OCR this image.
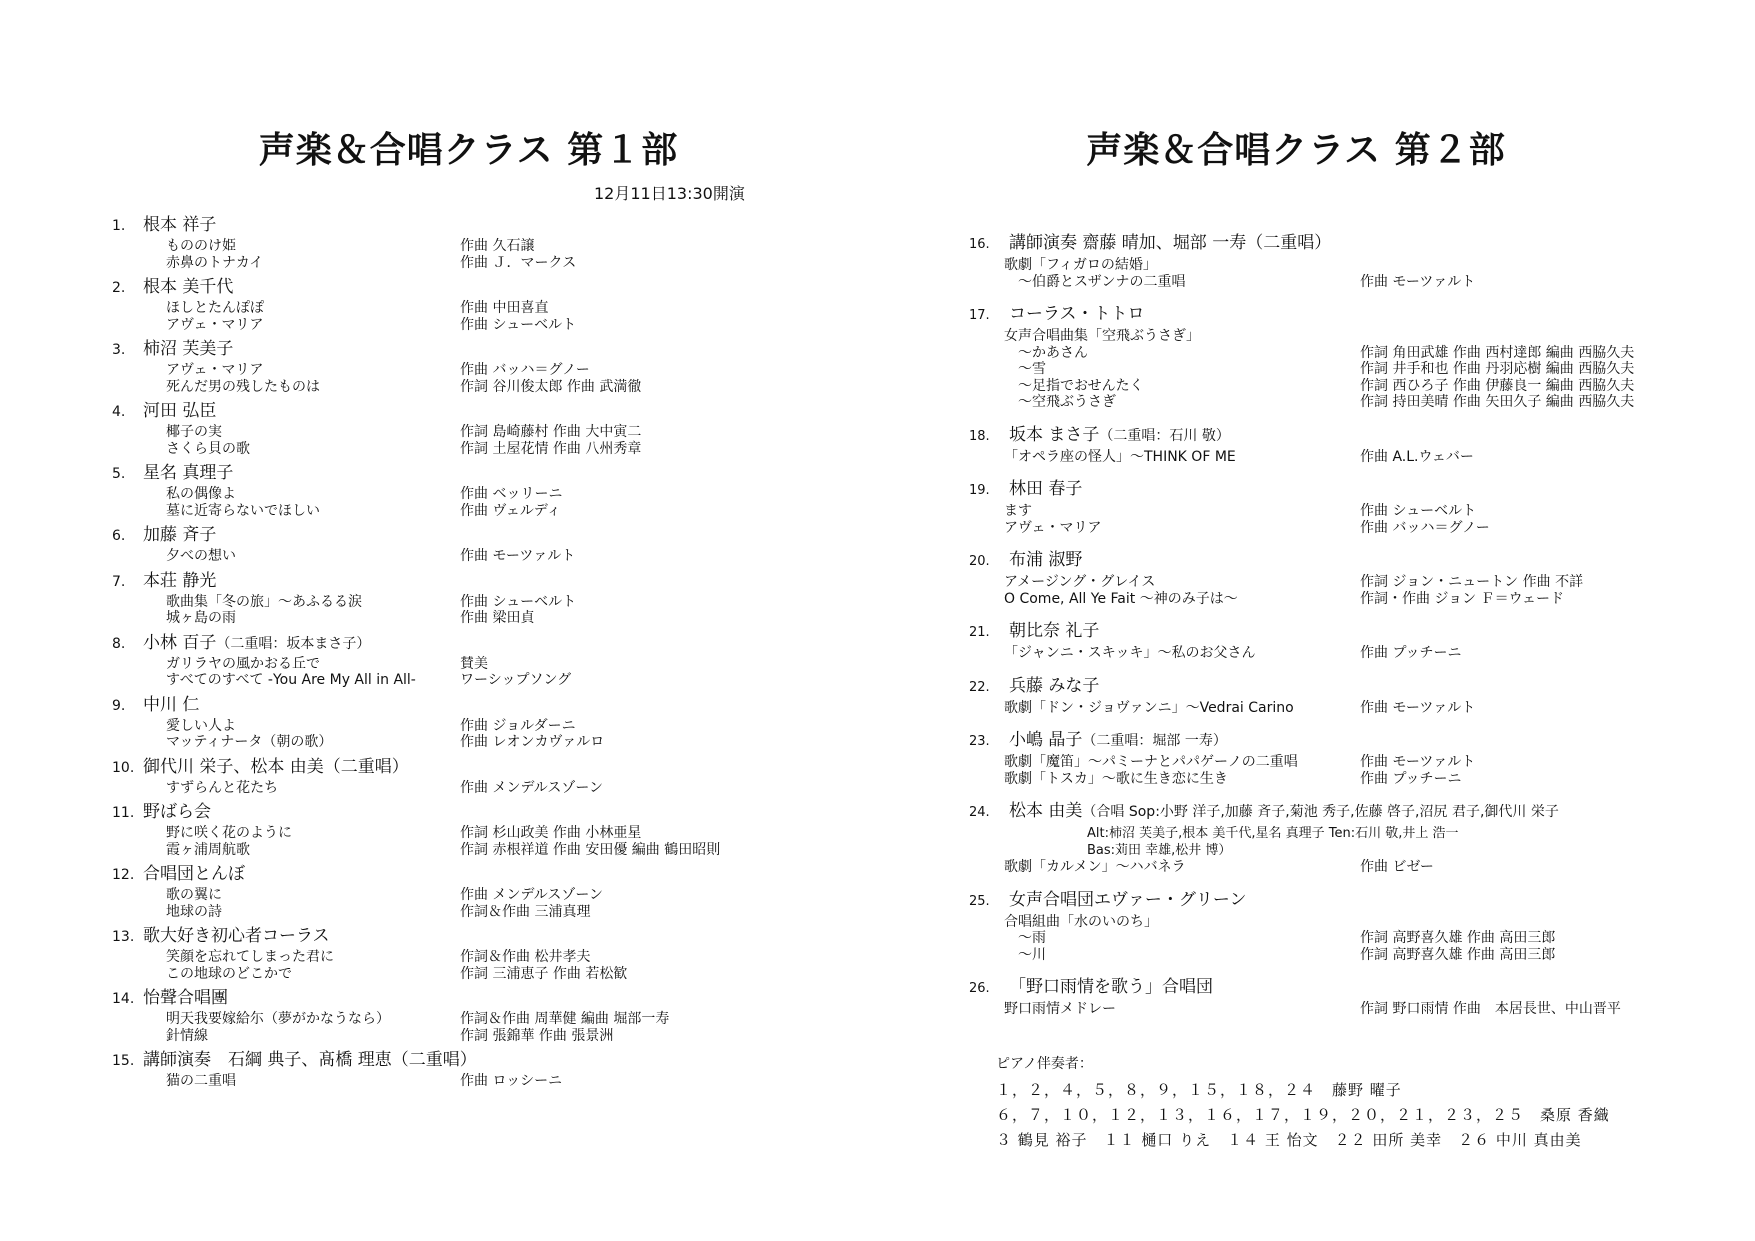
声楽＆合唱クラス 第１部
12月11日13:30開演
1.	根本 祥子
もののけ姫	作曲 久石譲
赤鼻のトナカイ	作曲 Ｊ．マークス
2.	根本 美千代
ほしとたんぽぽ	作曲 中田喜直
アヴェ・マリア	作曲 シューベルト
3.	柿沼 芙美子
アヴェ・マリア	作曲 バッハ＝グノー
死んだ男の残したものは	作詞 谷川俊太郎 作曲 武満徹
4.	河田 弘臣
椰子の実	作詞 島崎藤村 作曲 大中寅二
さくら貝の歌	作詞 土屋花情 作曲 八州秀章
5.	星名 真理子
私の偶像よ	作曲 ベッリーニ
墓に近寄らないでほしい	作曲 ヴェルディ
6.	加藤 斉子
夕べの想い	作曲 モーツァルト
7.	本荘 静光
歌曲集「冬の旅」～あふるる涙	作曲 シューベルト
城ヶ島の雨	作曲 梁田貞
8.	小林 百子 （二重唱：坂本まさ子）
ガリラヤの風かおる丘で	賛美
すべてのすべて -You Are My All in All-	ワーシップソング
9.	中川 仁
愛しい人よ	作曲 ジョルダーニ
マッティナータ（朝の歌）	作曲 レオンカヴァルロ
10. 御代川 栄子、松本 由美（二重唱）
すずらんと花たち	作曲 メンデルスゾーン
11. 野ばら会
野に咲く花のように	作詞 杉山政美 作曲 小林亜星
霞ヶ浦周航歌	作詞 赤根祥道 作曲 安田優 編曲 鶴田昭則
12. 合唱団とんぼ
歌の翼に	作曲 メンデルスゾーン
地球の詩	作詞＆作曲 三浦真理
13. 歌大好き初心者コーラス
笑顔を忘れてしまった君に	作詞＆作曲 松井孝夫
この地球のどこかで	作詞 三浦恵子 作曲 若松歓
14. 怡聲合唱團
明天我要嫁給尓（夢がかなうなら）	作詞＆作曲 周華健 編曲 堀部一寿
針情線	作詞 張錦華 作曲 張景洲
15. 講師演奏　石綱 典子、髙橋 理恵（二重唱）
猫の二重唱	作曲 ロッシーニ
声楽＆合唱クラス 第２部
16.	講師演奏 齋藤 晴加、堀部 一寿（二重唱）
歌劇「フィガロの結婚」
～伯爵とスザンナの二重唱	作曲 モーツァルト
17.	コーラス・トトロ
女声合唱曲集「空飛ぶうさぎ」
～かあさん	作詞 角田武雄 作曲 西村達郎 編曲 西脇久夫
～雪	作詞 井手和也 作曲 丹羽応樹 編曲 西脇久夫
～足指でおせんたく	作詞 西ひろ子 作曲 伊藤良一 編曲 西脇久夫
～空飛ぶうさぎ	作詞 持田美晴 作曲 矢田久子 編曲 西脇久夫
18.	坂本 まさ子 （二重唱：石川 敬）
「オペラ座の怪人」～THINK OF ME	作曲 A.L.ウェバー
19.	林田 春子
ます	作曲 シューベルト
アヴェ・マリア	作曲 バッハ＝グノー
20.	布浦 淑野
アメージング・グレイス	作詞 ジョン・ニュートン 作曲 不詳
O Come, All Ye Fait ～神のみ子は～	作詞・作曲 ジョン Ｆ＝ウェード
21.	朝比奈 礼子
「ジャンニ・スキッキ」～私のお父さん	作曲 プッチーニ
22.	兵藤 みな子
歌劇「ドン・ジョヴァンニ」～Vedrai Carino	作曲 モーツァルト
23.	小嶋 晶子 （二重唱：堀部 一寿）
歌劇「魔笛」～パミーナとパパゲーノの二重唱	作曲 モーツァルト
歌劇「トスカ」～歌に生き恋に生き	作曲 プッチーニ
24.	松本 由美 （合唱 Sop:小野 洋子,加藤 斉子,菊池 秀子,佐藤 啓子,沼尻 君子,御代川 栄子
Alt:柿沼 芙美子,根本 美千代,星名 真理子 Ten:石川 敬,井上 浩一
Bas:苅田 幸雄,松井 博）
歌劇「カルメン」～ハバネラ	作曲 ビゼー
25.	女声合唱団エヴァー・グリーン
合唱組曲「水のいのち」
～雨	作詞 高野喜久雄 作曲 高田三郎
～川	作詞 高野喜久雄 作曲 高田三郎
26.	「野口雨情を歌う」合唱団
野口雨情メドレー	作詞 野口雨情 作曲　本居長世、中山晋平
ピアノ伴奏者：
１，２，４，５，８，９，１５，１８，２４　藤野 曜子
６，７，１０，１２，１３，１６，１７，１９，２０，２１，２３，２５　桑原 香織
３ 鶴見 裕子　１１ 樋口 りえ　１４ 王 怡文　２２ 田所 美幸　２６ 中川 真由美
